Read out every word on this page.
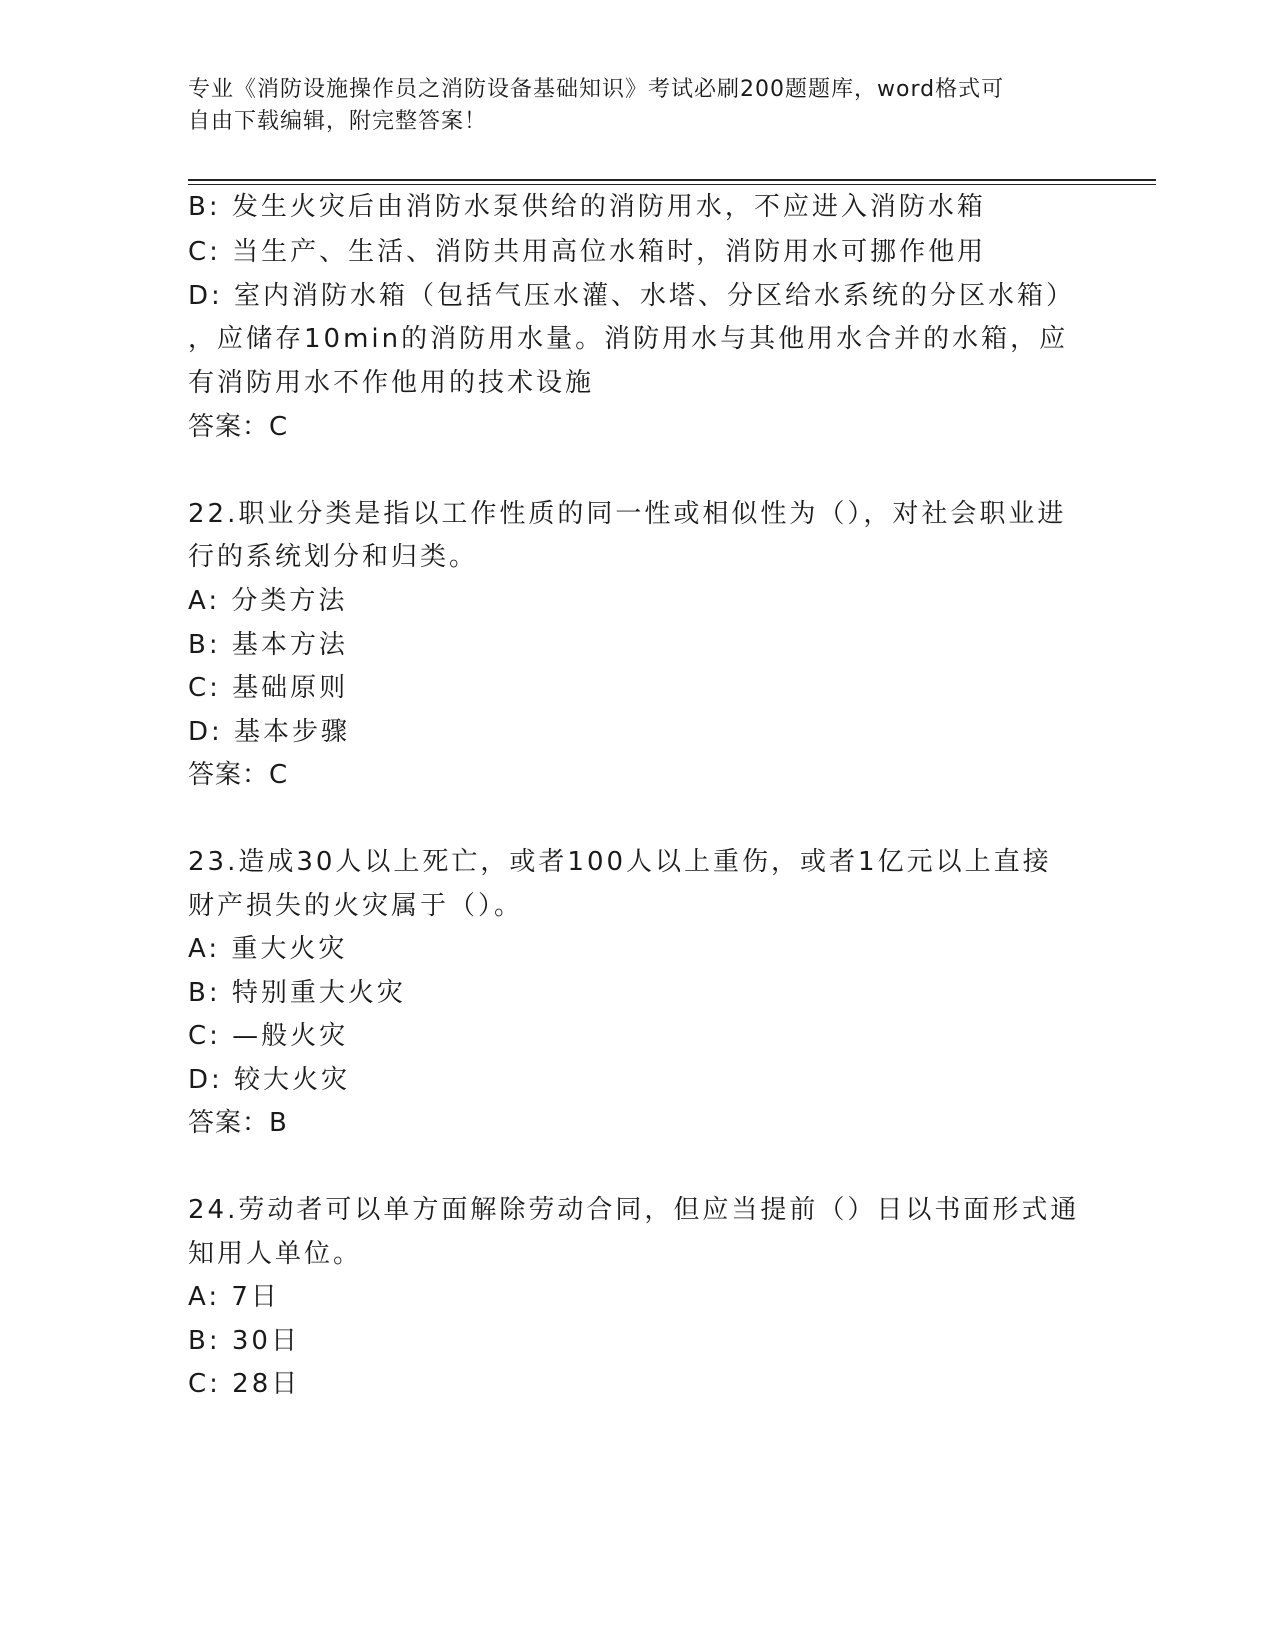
专业《消防设施操作员之消防设备基础知识》考试必刷200题题库，word格式可
自由下载编辑，附完整答案！
B: 发生火灾后由消防水泵供给的消防用水，不应进入消防水箱
C: 当生产、生活、消防共用高位水箱时，消防用水可挪作他用
D: 室内消防水箱（包括气压水灌、水塔、分区给水系统的分区水箱）
，应储存10min的消防用水量。消防用水与其他用水合并的水箱，应
有消防用水不作他用的技术设施
答案：C
22.职业分类是指以工作性质的同一性或相似性为（），对社会职业进
行的系统划分和归类。
A: 分类方法
B: 基本方法
C: 基础原则
D: 基本步骤
答案：C
23.造成30人以上死亡，或者100人以上重伤，或者1亿元以上直接
财产损失的火灾属于（）。
A: 重大火灾
B: 特别重大火灾
C: —般火灾
D: 较大火灾
答案：B
24.劳动者可以单方面解除劳动合同，但应当提前（）日以书面形式通
知用人单位。
A: 7日
B: 30日
C: 28日
